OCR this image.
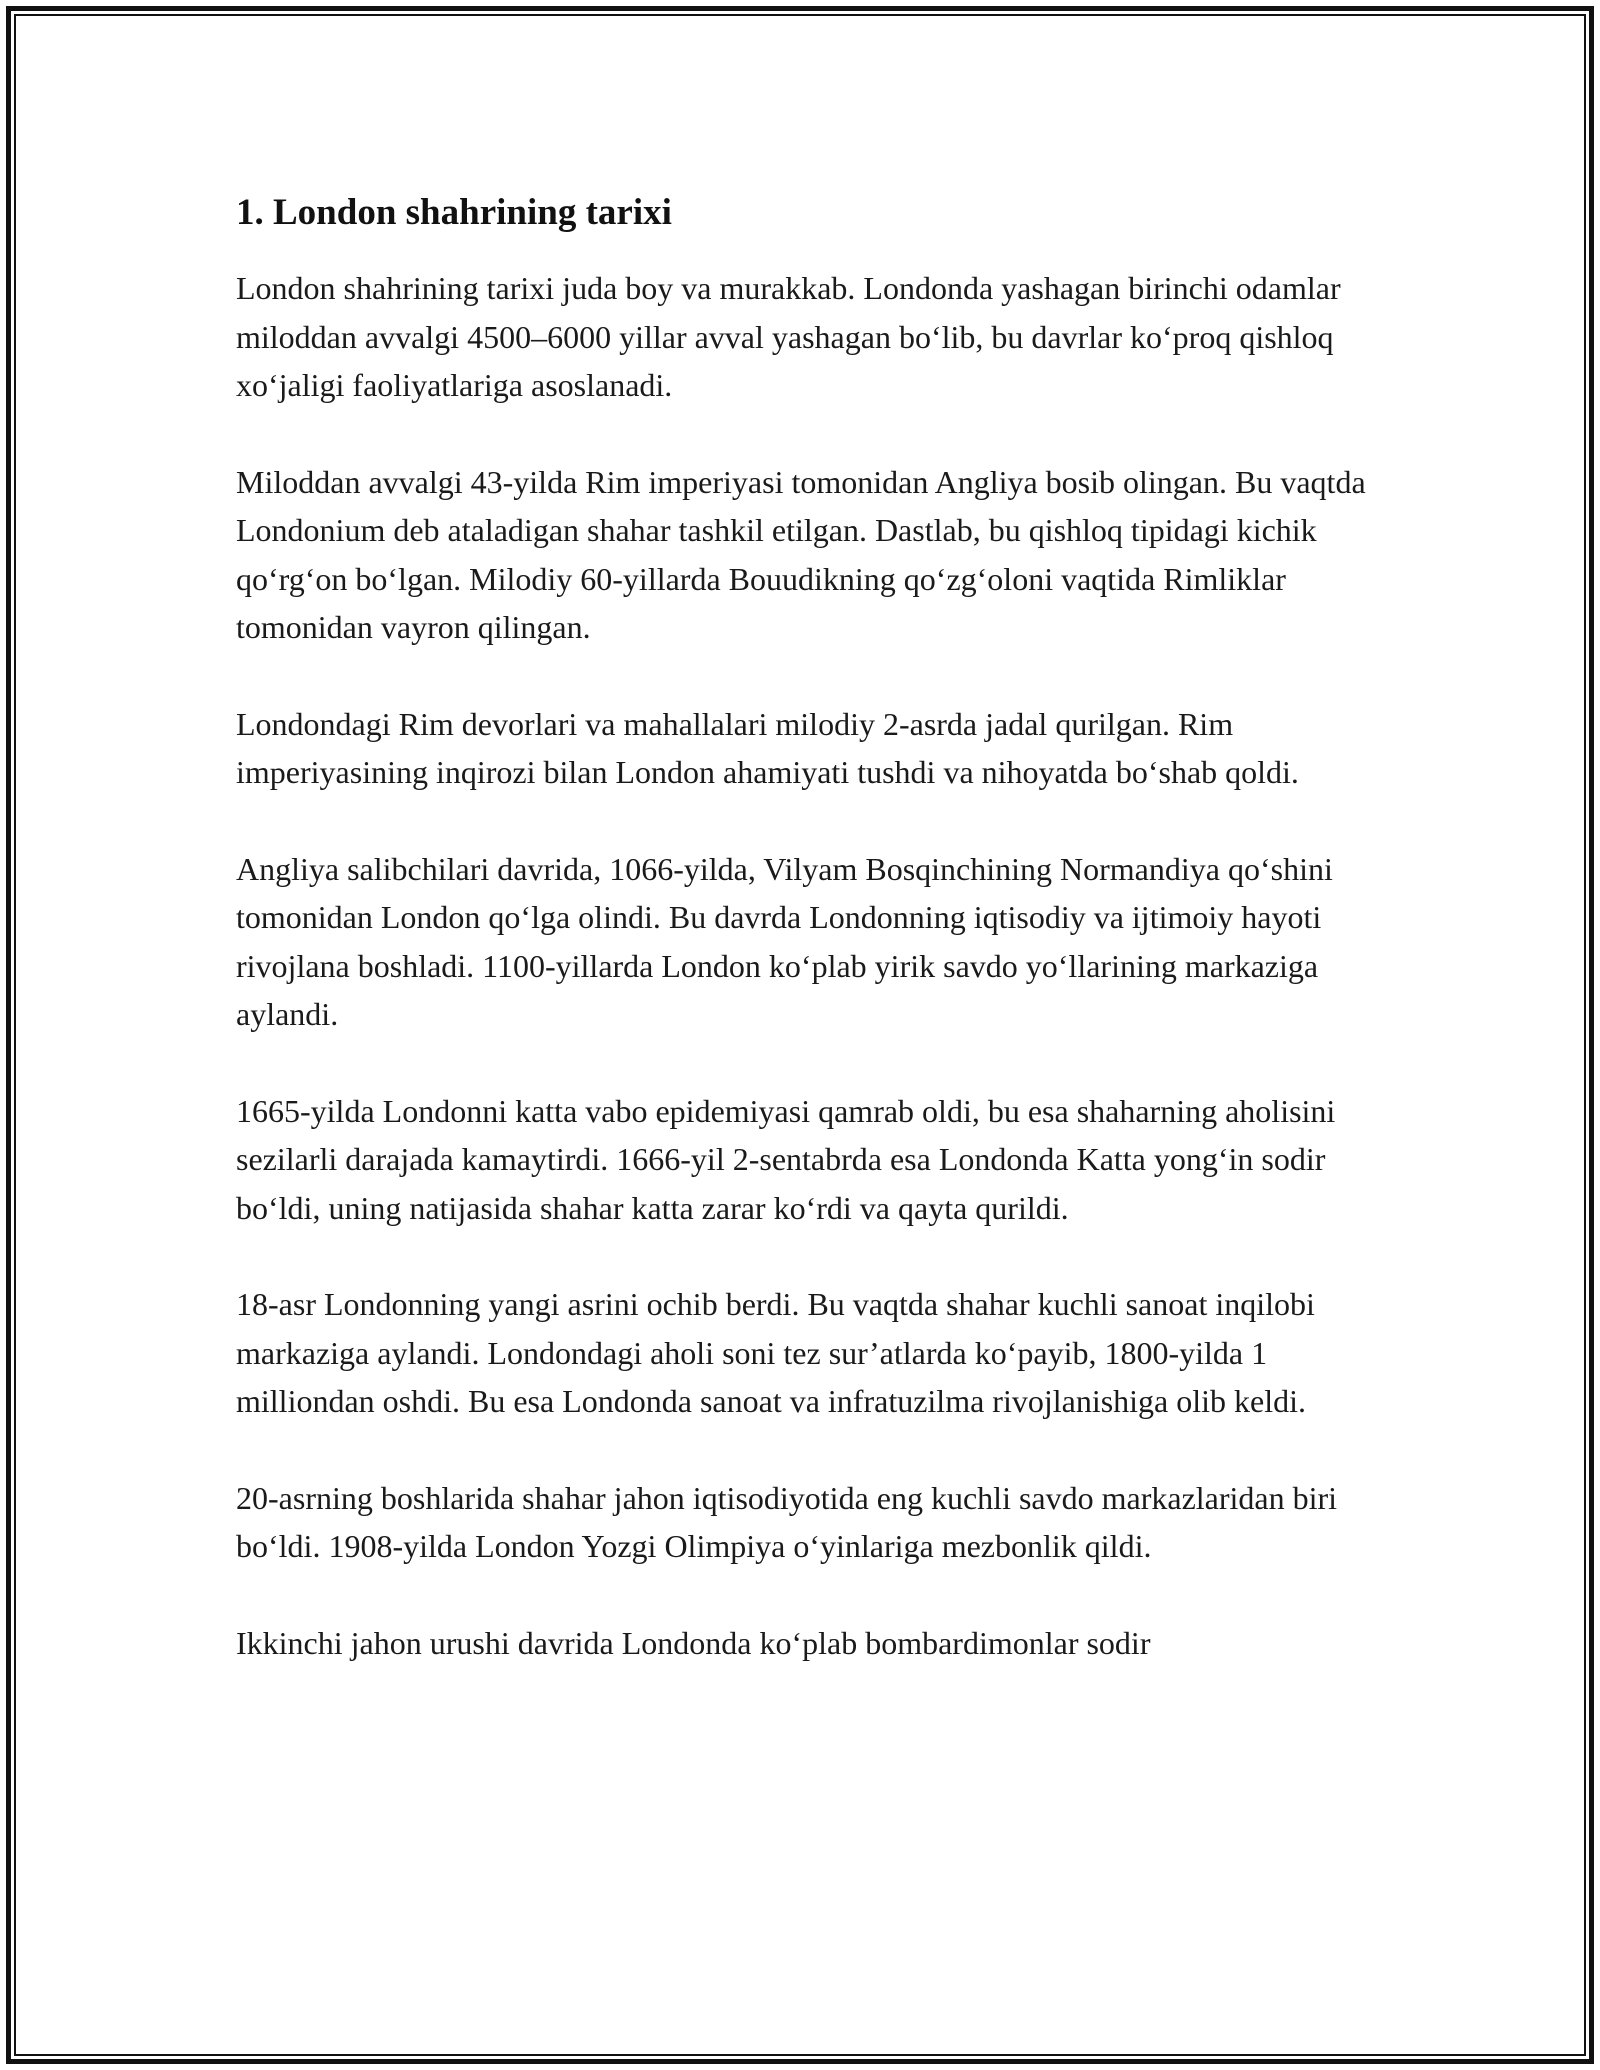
1. London shahrining tarixi

London shahrining tarixi juda boy va murakkab. Londonda yashagan birinchi odamlar miloddan avvalgi 4500–6000 yillar avval yashagan bo‘lib, bu davrlar ko‘proq qishloq xo‘jaligi faoliyatlariga asoslanadi.

Miloddan avvalgi 43-yilda Rim imperiyasi tomonidan Angliya bosib olingan. Bu vaqtda Londonium deb ataladigan shahar tashkil etilgan. Dastlab, bu qishloq tipidagi kichik qo‘rg‘on bo‘lgan. Milodiy 60-yillarda Bouudikning qo‘zg‘oloni vaqtida Rimliklar tomonidan vayron qilingan.

Londondagi Rim devorlari va mahallalari milodiy 2-asrda jadal qurilgan. Rim imperiyasining inqirozi bilan London ahamiyati tushdi va nihoyatda bo‘shab qoldi.

Angliya salibchilari davrida, 1066-yilda, Vilyam Bosqinchining Normandiya qo‘shini tomonidan London qo‘lga olindi. Bu davrda Londonning iqtisodiy va ijtimoiy hayoti rivojlana boshladi. 1100-yillarda London ko‘plab yirik savdo yo‘llarining markaziga aylandi.

1665-yilda Londonni katta vabo epidemiyasi qamrab oldi, bu esa shaharning aholisini sezilarli darajada kamaytirdi. 1666-yil 2-sentabrda esa Londonda Katta yong‘in sodir bo‘ldi, uning natijasida shahar katta zarar ko‘rdi va qayta qurildi.

18-asr Londonning yangi asrini ochib berdi. Bu vaqtda shahar kuchli sanoat inqilobi markaziga aylandi. Londondagi aholi soni tez sur’atlarda ko‘payib, 1800-yilda 1 milliondan oshdi. Bu esa Londonda sanoat va infratuzilma rivojlanishiga olib keldi.

20-asrning boshlarida shahar jahon iqtisodiyotida eng kuchli savdo markazlaridan biri bo‘ldi. 1908-yilda London Yozgi Olimpiya o‘yinlariga mezbonlik qildi.

Ikkinchi jahon urushi davrida Londonda ko‘plab bombardimonlar sodir
